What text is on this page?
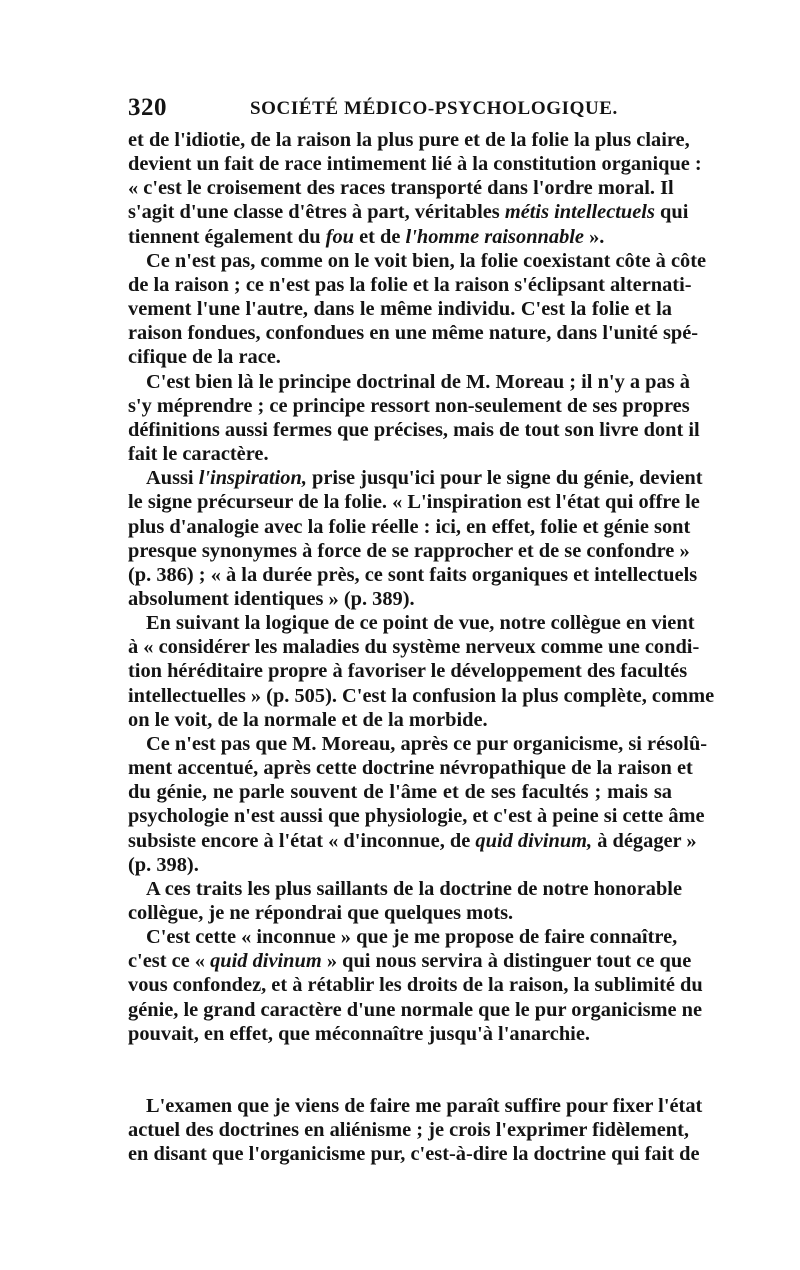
320	SOCIÉTÉ MÉDICO-PSYCHOLOGIQUE.

et de l'idiotie, de la raison la plus pure et de la folie la plus claire,
devient un fait de race intimement lié à la constitution organique :
« c'est le croisement des races transporté dans l'ordre moral. Il
s'agit d'une classe d'êtres à part, véritables métis intellectuels qui
tiennent également du fou et de l'homme raisonnable ».

Ce n'est pas, comme on le voit bien, la folie coexistant côte à côte
de la raison ; ce n'est pas la folie et la raison s'éclipsant alternati-
vement l'une l'autre, dans le même individu. C'est la folie et la
raison fondues, confondues en une même nature, dans l'unité spé-
cifique de la race.

C'est bien là le principe doctrinal de M. Moreau ; il n'y a pas à
s'y méprendre ; ce principe ressort non-seulement de ses propres
définitions aussi fermes que précises, mais de tout son livre dont il
fait le caractère.

Aussi l'inspiration, prise jusqu'ici pour le signe du génie, devient
le signe précurseur de la folie. « L'inspiration est l'état qui offre le
plus d'analogie avec la folie réelle : ici, en effet, folie et génie sont
presque synonymes à force de se rapprocher et de se confondre »
(p. 386) ; « à la durée près, ce sont faits organiques et intellectuels
absolument identiques » (p. 389).

En suivant la logique de ce point de vue, notre collègue en vient
à « considérer les maladies du système nerveux comme une condi-
tion héréditaire propre à favoriser le développement des facultés
intellectuelles » (p. 505). C'est la confusion la plus complète, comme
on le voit, de la normale et de la morbide.

Ce n'est pas que M. Moreau, après ce pur organicisme, si résolû-
ment accentué, après cette doctrine névropathique de la raison et
du génie, ne parle souvent de l'âme et de ses facultés ; mais sa
psychologie n'est aussi que physiologie, et c'est à peine si cette âme
subsiste encore à l'état « d'inconnue, de quid divinum, à dégager »
(p. 398).

A ces traits les plus saillants de la doctrine de notre honorable
collègue, je ne répondrai que quelques mots.

C'est cette « inconnue » que je me propose de faire connaître,
c'est ce « quid divinum » qui nous servira à distinguer tout ce que
vous confondez, et à rétablir les droits de la raison, la sublimité du
génie, le grand caractère d'une normale que le pur organicisme ne
pouvait, en effet, que méconnaître jusqu'à l'anarchie.

L'examen que je viens de faire me paraît suffire pour fixer l'état
actuel des doctrines en aliénisme ; je crois l'exprimer fidèlement,
en disant que l'organicisme pur, c'est-à-dire la doctrine qui fait de
